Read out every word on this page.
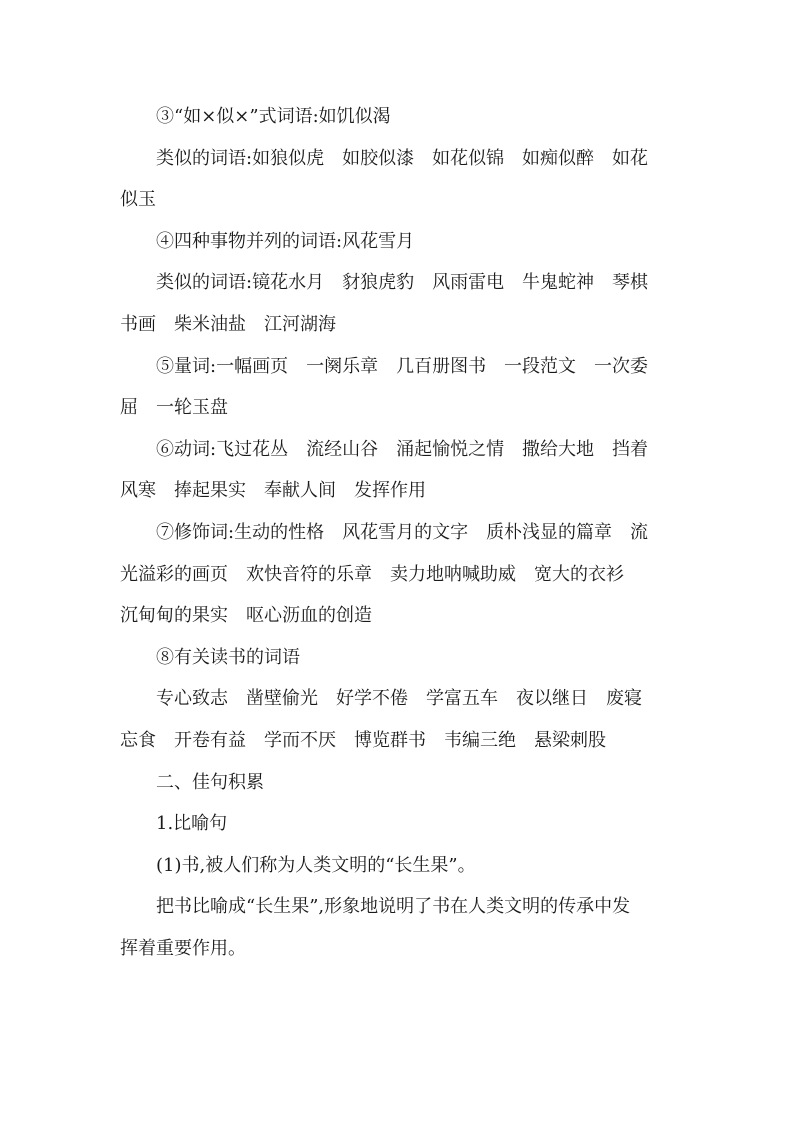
③“如×似×”式词语:如饥似渴
类似的词语:如狼似虎　如胶似漆　如花似锦　如痴似醉　如花
似玉
④四种事物并列的词语:风花雪月
类似的词语:镜花水月　豺狼虎豹　风雨雷电　牛鬼蛇神　琴棋
书画　柴米油盐　江河湖海
⑤量词:一幅画页　一阕乐章　几百册图书　一段范文　一次委
屈　一轮玉盘
⑥动词:飞过花丛　流经山谷　涌起愉悦之情　撒给大地　挡着
风寒　捧起果实　奉献人间　发挥作用
⑦修饰词:生动的性格　风花雪月的文字　质朴浅显的篇章　流
光溢彩的画页　欢快音符的乐章　卖力地呐喊助威　宽大的衣衫
沉甸甸的果实　呕心沥血的创造
⑧有关读书的词语
专心致志　凿壁偷光　好学不倦　学富五车　夜以继日　废寝
忘食　开卷有益　学而不厌　博览群书　韦编三绝　悬梁刺股
二、佳句积累
1.比喻句
(1)书,被人们称为人类文明的“长生果”。
把书比喻成“长生果”,形象地说明了书在人类文明的传承中发
挥着重要作用。
